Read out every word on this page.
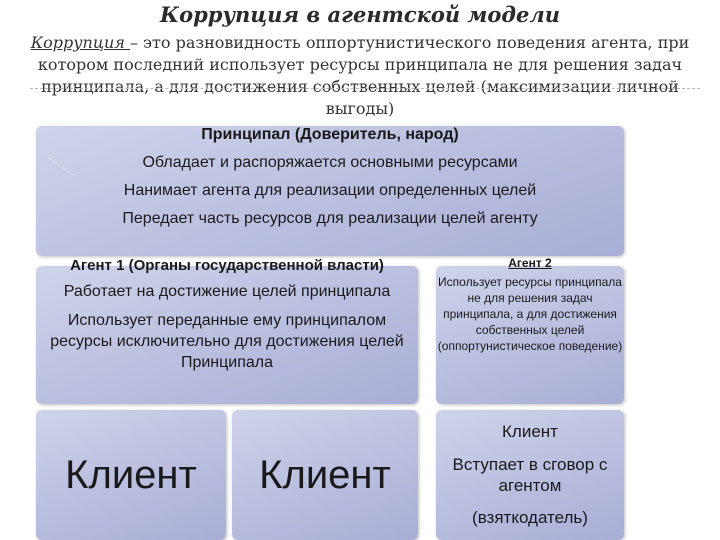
Коррупция в агентской модели
Коррупция – это разновидность оппортунистического поведения агента, при котором последний использует ресурсы принципала не для решения задач принципала, а для достижения собственных целей (максимизации личной выгоды)

Принципал (Доверитель, народ)

Обладает и распоряжается основными ресурсами

Нанимает агента для реализации определенных целей

Передает часть ресурсов для реализации целей агенту

Агент 1 (Органы государственной власти)

Работает на достижение целей принципала

Использует переданные ему принципалом ресурсы исключительно для достижения целей Принципала

Агент 2

Использует ресурсы принципала не для решения задач принципала, а для достижения собственных целей (оппортунистическое поведение)

Клиент	Клиент

Клиент

Вступает в сговор с агентом

(взяткодатель)
